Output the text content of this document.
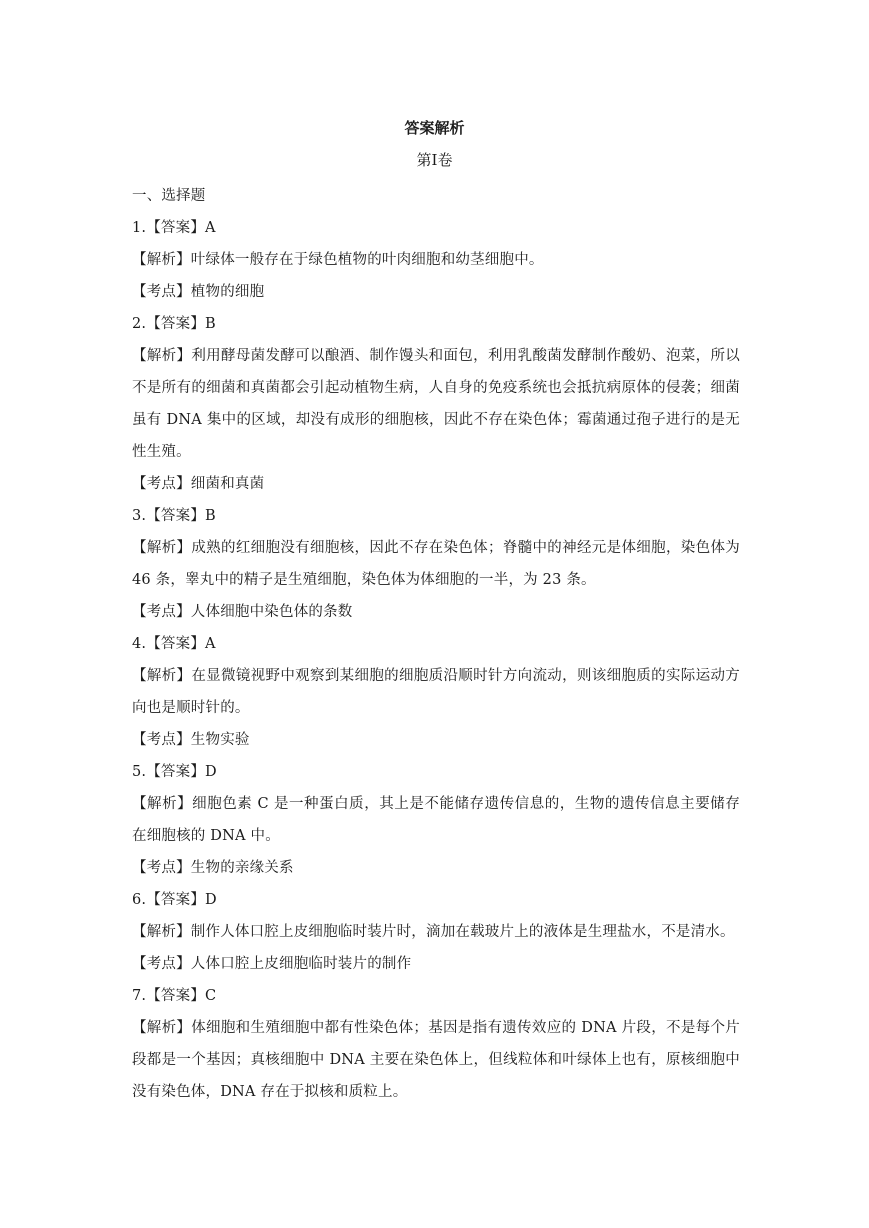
答案解析
第Ⅰ卷
一、选择题
1.【答案】A
【解析】叶绿体一般存在于绿色植物的叶肉细胞和幼茎细胞中。
【考点】植物的细胞
2.【答案】B
【解析】利用酵母菌发酵可以酿酒、制作馒头和面包，利用乳酸菌发酵制作酸奶、泡菜，所以不是所有的细菌和真菌都会引起动植物生病，人自身的免疫系统也会抵抗病原体的侵袭；细菌虽有 DNA 集中的区域，却没有成形的细胞核，因此不存在染色体；霉菌通过孢子进行的是无性生殖。
【考点】细菌和真菌
3.【答案】B
【解析】成熟的红细胞没有细胞核，因此不存在染色体；脊髓中的神经元是体细胞，染色体为 46 条，睾丸中的精子是生殖细胞，染色体为体细胞的一半，为 23 条。
【考点】人体细胞中染色体的条数
4.【答案】A
【解析】在显微镜视野中观察到某细胞的细胞质沿顺时针方向流动，则该细胞质的实际运动方向也是顺时针的。
【考点】生物实验
5.【答案】D
【解析】细胞色素 C 是一种蛋白质，其上是不能储存遗传信息的，生物的遗传信息主要储存在细胞核的 DNA 中。
【考点】生物的亲缘关系
6.【答案】D
【解析】制作人体口腔上皮细胞临时装片时，滴加在载玻片上的液体是生理盐水，不是清水。
【考点】人体口腔上皮细胞临时装片的制作
7.【答案】C
【解析】体细胞和生殖细胞中都有性染色体；基因是指有遗传效应的 DNA 片段，不是每个片段都是一个基因；真核细胞中 DNA 主要在染色体上，但线粒体和叶绿体上也有，原核细胞中没有染色体，DNA 存在于拟核和质粒上。
